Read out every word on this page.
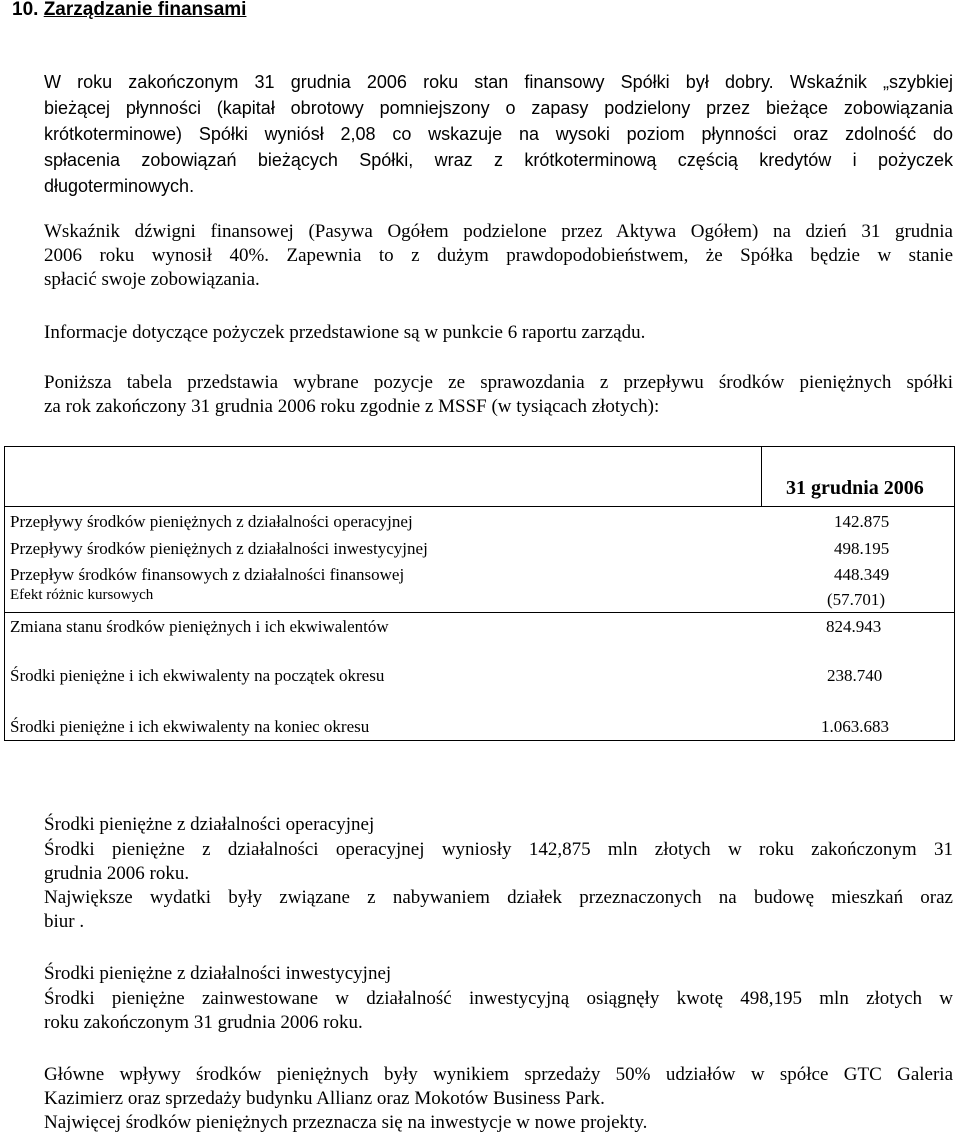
10. Zarządzanie finansami
W roku zakończonym 31 grudnia 2006 roku stan finansowy Spółki był dobry. Wskaźnik „szybkiej
bieżącej płynności (kapitał obrotowy pomniejszony o zapasy podzielony przez bieżące zobowiązania
krótkoterminowe) Spółki wyniósł 2,08 co wskazuje na wysoki poziom płynności oraz zdolność do
spłacenia zobowiązań bieżących Spółki, wraz z krótkoterminową częścią kredytów i pożyczek
długoterminowych.
Wskaźnik dźwigni finansowej (Pasywa Ogółem podzielone przez Aktywa Ogółem) na dzień 31 grudnia
2006 roku wynosił 40%. Zapewnia to z dużym prawdopodobieństwem, że Spółka będzie w stanie
spłacić swoje zobowiązania.
Informacje dotyczące pożyczek przedstawione są w punkcie 6 raportu zarządu.
Poniższa tabela przedstawia wybrane pozycje ze sprawozdania z przepływu środków pieniężnych spółki
za rok zakończony 31 grudnia 2006 roku zgodnie z MSSF (w tysiącach złotych):
31 grudnia 2006
Przepływy środków pieniężnych z działalności operacyjnej	142.875
Przepływy środków pieniężnych z działalności inwestycyjnej	498.195
Przepływ środków finansowych z działalności finansowej	448.349
Efekt różnic kursowych	(57.701)
Zmiana stanu środków pieniężnych i ich ekwiwalentów	824.943
Środki pieniężne i ich ekwiwalenty na początek okresu	238.740
Środki pieniężne i ich ekwiwalenty na koniec okresu	1.063.683
Środki pieniężne z działalności operacyjnej
Środki pieniężne z działalności operacyjnej wyniosły 142,875 mln złotych w roku zakończonym 31
grudnia 2006 roku.
Największe wydatki były związane z nabywaniem działek przeznaczonych na budowę mieszkań oraz
biur .
Środki pieniężne z działalności inwestycyjnej
Środki pieniężne zainwestowane w działalność inwestycyjną osiągnęły kwotę 498,195 mln złotych w
roku zakończonym 31 grudnia 2006 roku.
Główne wpływy środków pieniężnych były wynikiem sprzedaży 50% udziałów w spółce GTC Galeria
Kazimierz oraz sprzedaży budynku Allianz oraz Mokotów Business Park.
Najwięcej środków pieniężnych przeznacza się na inwestycje w nowe projekty.
